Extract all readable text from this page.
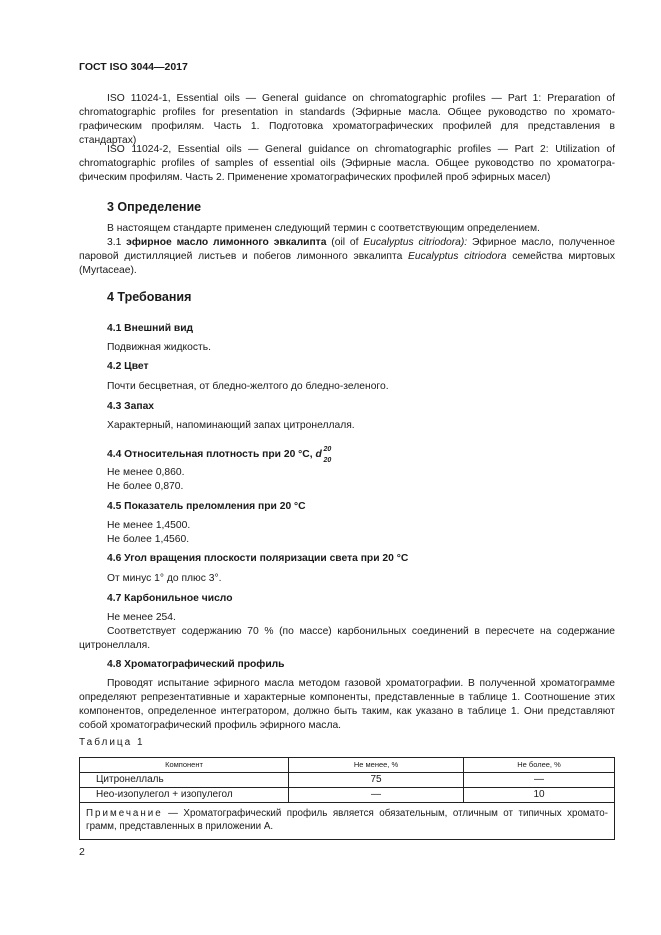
ГОСТ ISO 3044—2017
ISO 11024-1, Essential oils — General guidance on chromatographic profiles — Part 1: Preparation of chromatographic profiles for presentation in standards (Эфирные масла. Общее руководство по хроматографическим профилям. Часть 1. Подготовка хроматографических профилей для представления в стандартах)
ISO 11024-2, Essential oils — General guidance on chromatographic profiles — Part 2: Utilization of chromatographic profiles of samples of essential oils (Эфирные масла. Общее руководство по хроматографическим профилям. Часть 2. Применение хроматографических профилей проб эфирных масел)
3 Определение
В настоящем стандарте применен следующий термин с соответствующим определением.
3.1 эфирное масло лимонного эвкалипта (oil of Eucalyptus citriodora): Эфирное масло, полученное паровой дистилляцией листьев и побегов лимонного эвкалипта Eucalyptus citriodora семейства миртовых (Myrtaceae).
4 Требования
4.1 Внешний вид
Подвижная жидкость.
4.2 Цвет
Почти бесцветная, от бледно-желтого до бледно-зеленого.
4.3 Запах
Характерный, напоминающий запах цитронеллаля.
4.4 Относительная плотность при 20 °С, d 20
20
Не менее 0,860.
Не более 0,870.
4.5 Показатель преломления при 20 °С
Не менее 1,4500.
Не более 1,4560.
4.6 Угол вращения плоскости поляризации света при 20 °С
От минус 1° до плюс 3°.
4.7 Карбонильное число
Не менее 254.
Соответствует содержанию 70 % (по массе) карбонильных соединений в пересчете на содержание цитронеллаля.
4.8 Хроматографический профиль
Проводят испытание эфирного масла методом газовой хроматографии. В полученной хроматограмме определяют репрезентативные и характерные компоненты, представленные в таблице 1. Соотношение этих компонентов, определенное интегратором, должно быть таким, как указано в таблице 1. Они представляют собой хроматографический профиль эфирного масла.
Таблица 1
Компонент	Не менее, %	Не более, %
Цитронеллаль	75	—
Нео-изопулегол + изопулегол	—	10
Примечание — Хроматографический профиль является обязательным, отличным от типичных хроматограмм, представленных в приложении А.		
2
